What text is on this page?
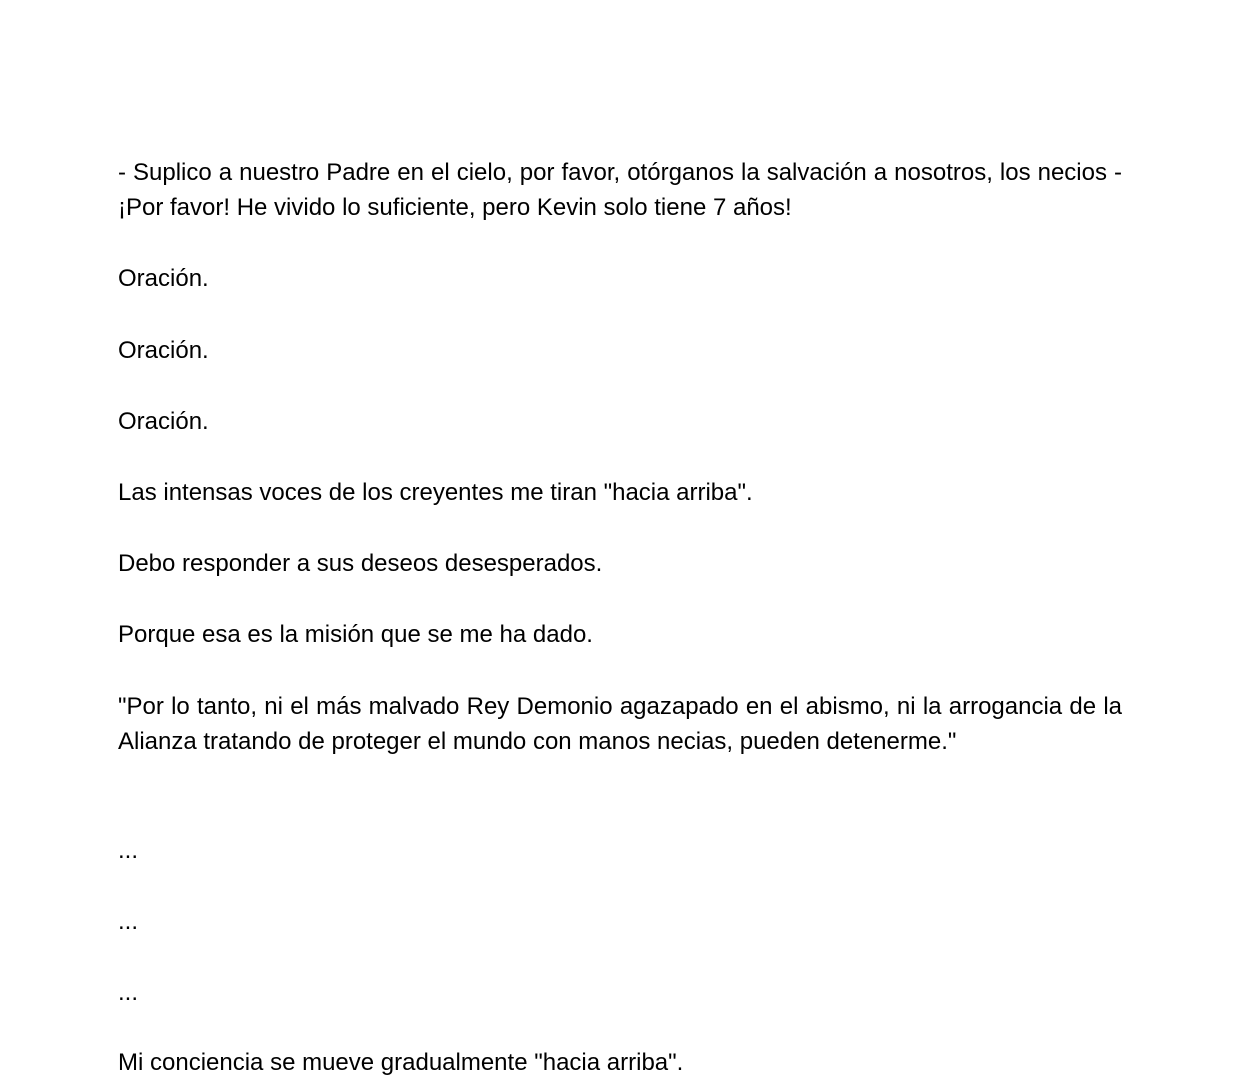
- Suplico a nuestro Padre en el cielo, por favor, otórganos la salvación a nosotros, los necios - ¡Por favor! He vivido lo suficiente, pero Kevin solo tiene 7 años!

Oración.

Oración.

Oración.

Las intensas voces de los creyentes me tiran "hacia arriba".

Debo responder a sus deseos desesperados.

Porque esa es la misión que se me ha dado.

"Por lo tanto, ni el más malvado Rey Demonio agazapado en el abismo, ni la arrogancia de la Alianza tratando de proteger el mundo con manos necias, pueden detenerme."

...

...

...

Mi conciencia se mueve gradualmente "hacia arriba".
